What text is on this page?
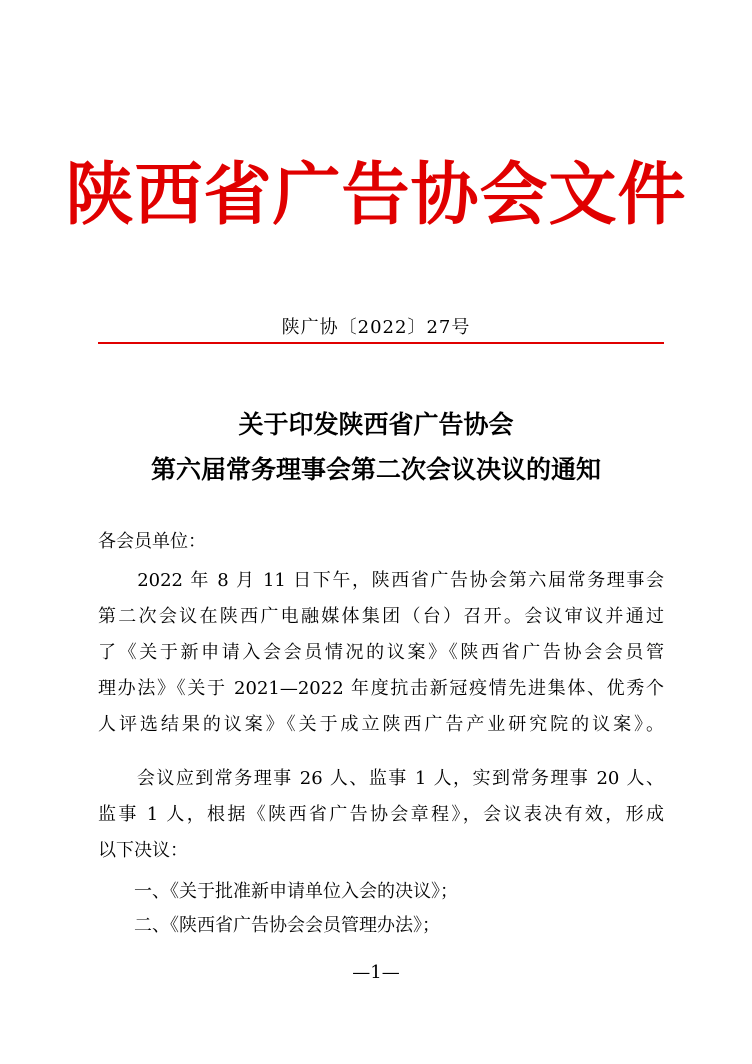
陕西省广告协会文件
陕广协〔2022〕27号
关于印发陕西省广告协会
第六届常务理事会第二次会议决议的通知
各会员单位：
　　2022 年 8 月 11 日下午，陕西省广告协会第六届常务理事会
第二次会议在陕西广电融媒体集团（台）召开。会议审议并通过
了《关于新申请入会会员情况的议案》《陕西省广告协会会员管
理办法》《关于 2021—2022 年度抗击新冠疫情先进集体、优秀个
人评选结果的议案》《关于成立陕西广告产业研究院的议案》。
　　会议应到常务理事 26 人、监事 1 人，实到常务理事 20 人、
监事 1 人，根据《陕西省广告协会章程》，会议表决有效，形成
以下决议：
一、《关于批准新申请单位入会的决议》；
二、《陕西省广告协会会员管理办法》；
—1—
